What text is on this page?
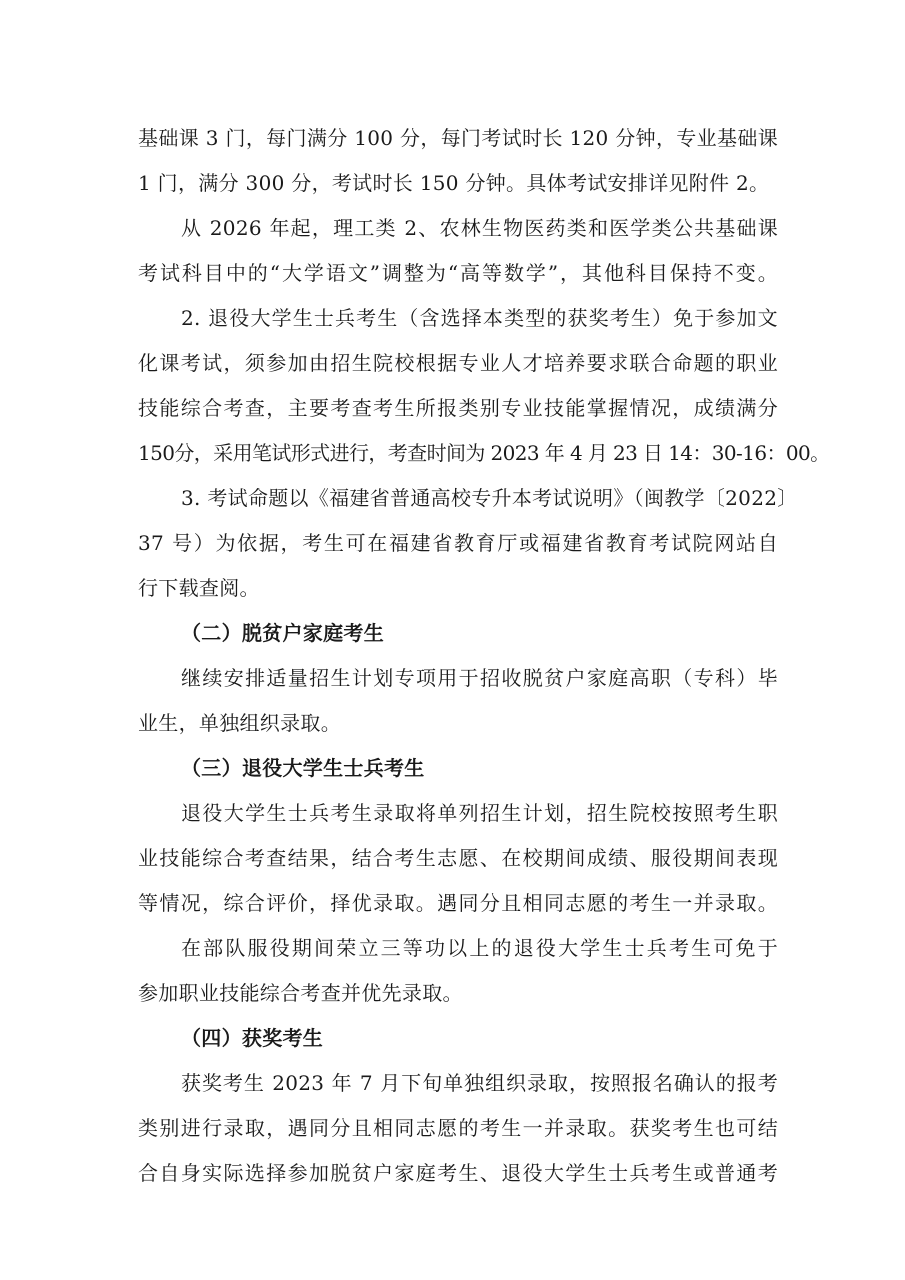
基础课 3 门，每门满分 100 分，每门考试时长 120 分钟，专业基础课
1 门，满分 300 分，考试时长 150 分钟。具体考试安排详见附件 2。
从 2026 年起，理工类 2、农林生物医药类和医学类公共基础课
考试科目中的“大学语文”调整为“高等数学”，其他科目保持不变。
2. 退役大学生士兵考生（含选择本类型的获奖考生）免于参加文
化课考试，须参加由招生院校根据专业人才培养要求联合命题的职业
技能综合考查，主要考查考生所报类别专业技能掌握情况，成绩满分
150分，采用笔试形式进行，考查时间为 2023 年 4 月 23 日 14：30-16：00。
3. 考试命题以《福建省普通高校专升本考试说明》（闽教学〔2022〕
37 号）为依据，考生可在福建省教育厅或福建省教育考试院网站自
行下载查阅。
（二）脱贫户家庭考生
继续安排适量招生计划专项用于招收脱贫户家庭高职（专科）毕
业生，单独组织录取。
（三）退役大学生士兵考生
退役大学生士兵考生录取将单列招生计划，招生院校按照考生职
业技能综合考查结果，结合考生志愿、在校期间成绩、服役期间表现
等情况，综合评价，择优录取。遇同分且相同志愿的考生一并录取。
在部队服役期间荣立三等功以上的退役大学生士兵考生可免于
参加职业技能综合考查并优先录取。
（四）获奖考生
获奖考生 2023 年 7 月下旬单独组织录取，按照报名确认的报考
类别进行录取，遇同分且相同志愿的考生一并录取。获奖考生也可结
合自身实际选择参加脱贫户家庭考生、退役大学生士兵考生或普通考
